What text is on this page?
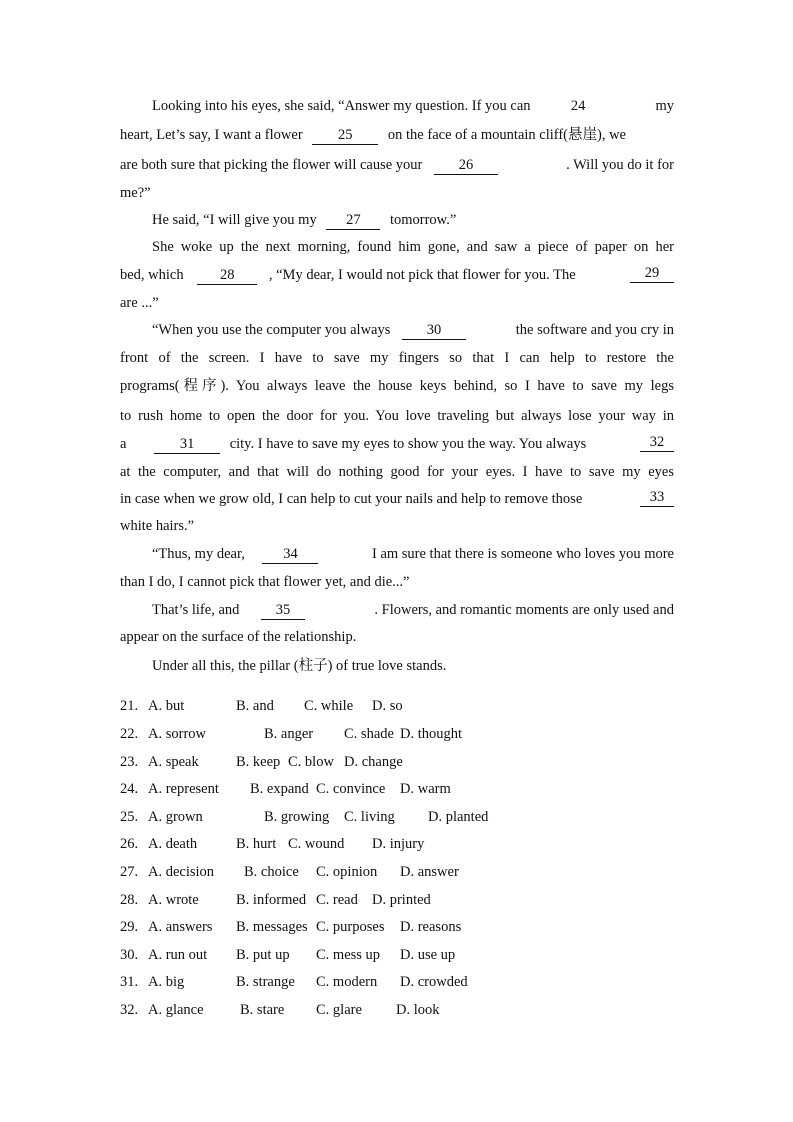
Looking into his eyes, she said, “Answer my question. If you can	24	my
heart, Let’s say, I want a flower 25 on the face of a mountain cliff(悬崖), we
are both sure that picking the flower will cause your	26	. Will you do it for
me?”
He said, “I will give you my 27 tomorrow.”
She woke up the next morning, found him gone, and saw a piece of paper on her
bed, which	28 , “My dear, I would not pick that flower for you. The	29
are ...”
“When you use the computer you always	30	the software and you cry in
front of the screen. I have to save my fingers so that I can help to restore the
programs(程序). You always leave the house keys behind, so I have to save my legs
to rush home to open the door for you. You love traveling but always lose your way in
a	31 city. I have to save my eyes to show you the way. You always	32
at the computer, and that will do nothing good for your eyes. I have to save my eyes
in case when we grow old, I can help to cut your nails and help to remove those	33
white hairs.”
“Thus, my dear,	34	I am sure that there is someone who loves you more
than I do, I cannot pick that flower yet, and die...”
That’s life, and	35	. Flowers, and romantic moments are only used and
appear on the surface of the relationship.
Under all this, the pillar (柱子) of true love stands.
21. A. but	B. and C. while D. so
22. A. sorrow	B. anger C. shade D. thought
23. A. speak	B. keep C. blow D. change
24. A. represent B. expand C. convince D. warm
25. A. grown	B. growing C. living D. planted
26. A. death	B. hurt C. wound D. injury
27. A. decision B. choice C. opinion D. answer
28. A. wrote	B. informed C. read D. printed
29. A. answers B. messages C. purposes D. reasons
30. A. run out B. put up C. mess up D. use up
31. A. big	B. strange C. modern D. crowded
32. A. glance	B. stare C. glare D. look
